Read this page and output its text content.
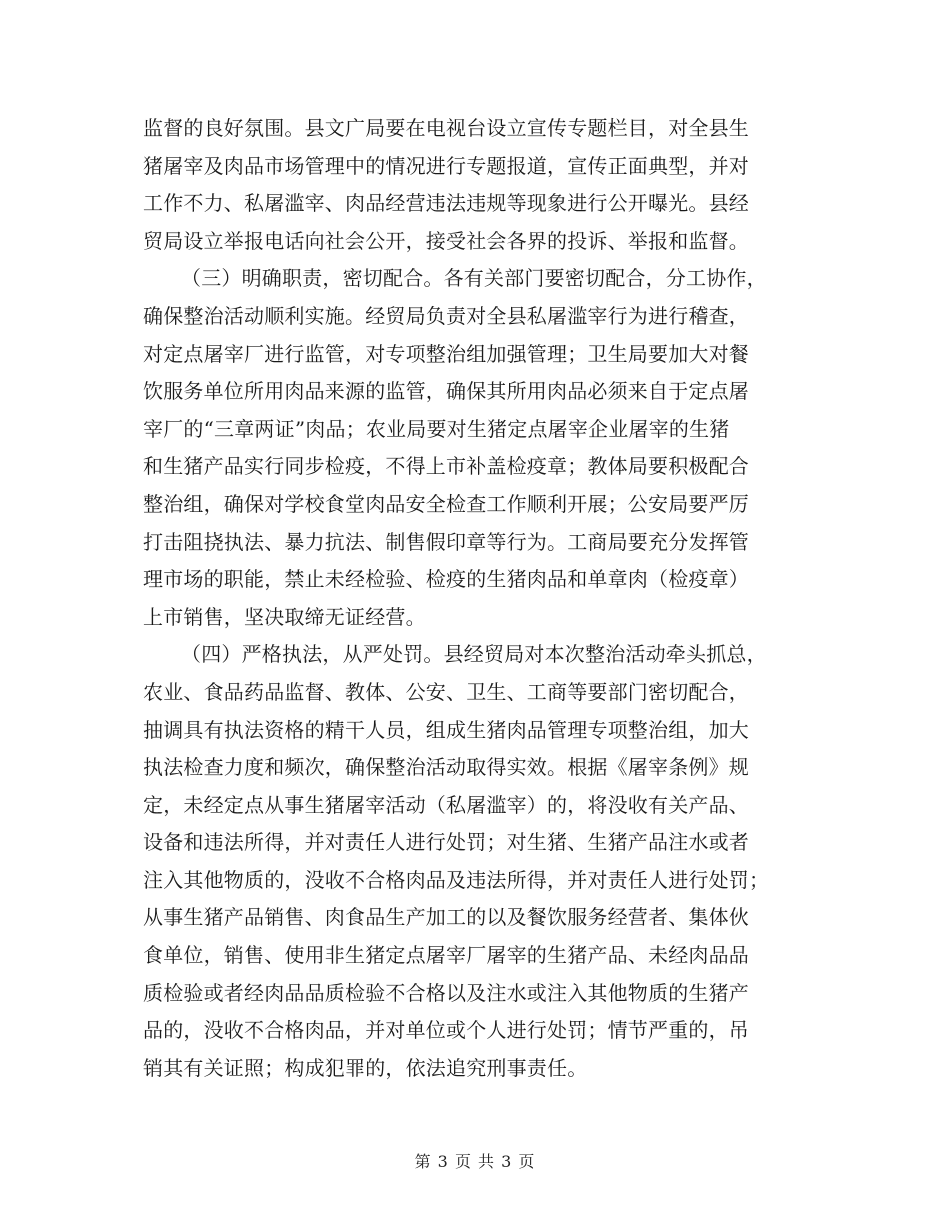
监督的良好氛围。县文广局要在电视台设立宣传专题栏目，对全县生
猪屠宰及肉品市场管理中的情况进行专题报道，宣传正面典型，并对
工作不力、私屠滥宰、肉品经营违法违规等现象进行公开曝光。县经
贸局设立举报电话向社会公开，接受社会各界的投诉、举报和监督。
（三）明确职责，密切配合。各有关部门要密切配合，分工协作，
确保整治活动顺利实施。经贸局负责对全县私屠滥宰行为进行稽查，
对定点屠宰厂进行监管，对专项整治组加强管理；卫生局要加大对餐
饮服务单位所用肉品来源的监管，确保其所用肉品必须来自于定点屠
宰厂的“三章两证”肉品；农业局要对生猪定点屠宰企业屠宰的生猪
和生猪产品实行同步检疫，不得上市补盖检疫章；教体局要积极配合
整治组，确保对学校食堂肉品安全检查工作顺利开展；公安局要严厉
打击阻挠执法、暴力抗法、制售假印章等行为。工商局要充分发挥管
理市场的职能，禁止未经检验、检疫的生猪肉品和单章肉（检疫章）
上市销售，坚决取缔无证经营。
（四）严格执法，从严处罚。县经贸局对本次整治活动牵头抓总，
农业、食品药品监督、教体、公安、卫生、工商等要部门密切配合，
抽调具有执法资格的精干人员，组成生猪肉品管理专项整治组，加大
执法检查力度和频次，确保整治活动取得实效。根据《屠宰条例》规
定，未经定点从事生猪屠宰活动（私屠滥宰）的，将没收有关产品、
设备和违法所得，并对责任人进行处罚；对生猪、生猪产品注水或者
注入其他物质的，没收不合格肉品及违法所得，并对责任人进行处罚；
从事生猪产品销售、肉食品生产加工的以及餐饮服务经营者、集体伙
食单位，销售、使用非生猪定点屠宰厂屠宰的生猪产品、未经肉品品
质检验或者经肉品品质检验不合格以及注水或注入其他物质的生猪产
品的，没收不合格肉品，并对单位或个人进行处罚；情节严重的，吊
销其有关证照；构成犯罪的，依法追究刑事责任。
第 3 页 共 3 页
